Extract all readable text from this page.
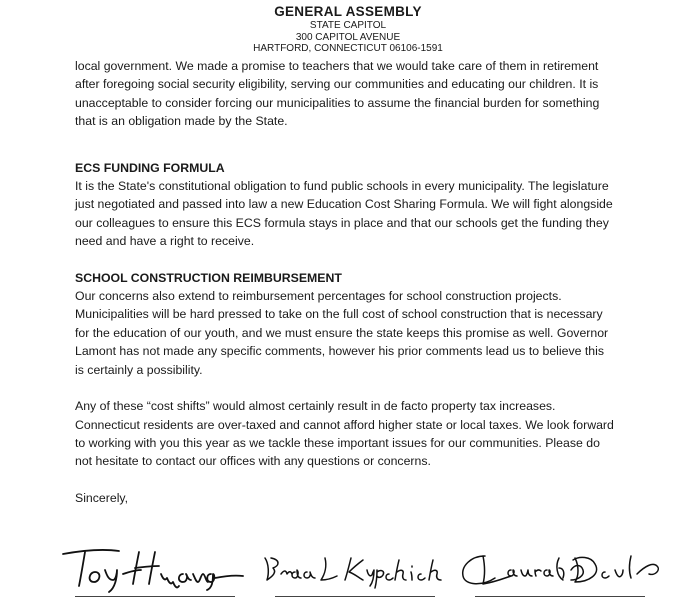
GENERAL ASSEMBLY
STATE CAPITOL
300 CAPITOL AVENUE
HARTFORD, CONNECTICUT 06106-1591

local government. We made a promise to teachers that we would take care of them in retirement after foregoing social security eligibility, serving our communities and educating our children. It is unacceptable to consider forcing our municipalities to assume the financial burden for something that is an obligation made by the State.

ECS FUNDING FORMULA

It is the State's constitutional obligation to fund public schools in every municipality. The legislature just negotiated and passed into law a new Education Cost Sharing Formula. We will fight alongside our colleagues to ensure this ECS formula stays in place and that our schools get the funding they need and have a right to receive.

SCHOOL CONSTRUCTION REIMBURSEMENT

Our concerns also extend to reimbursement percentages for school construction projects. Municipalities will be hard pressed to take on the full cost of school construction that is necessary for the education of our youth, and we must ensure the state keeps this promise as well. Governor Lamont has not made any specific comments, however his prior comments lead us to believe this is certainly a possibility.

Any of these “cost shifts” would almost certainly result in de facto property tax increases. Connecticut residents are over-taxed and cannot afford higher state or local taxes. We look forward to working with you this year as we tackle these important issues for our communities. Please do not hesitate to contact our offices with any questions or concerns.

Sincerely,
